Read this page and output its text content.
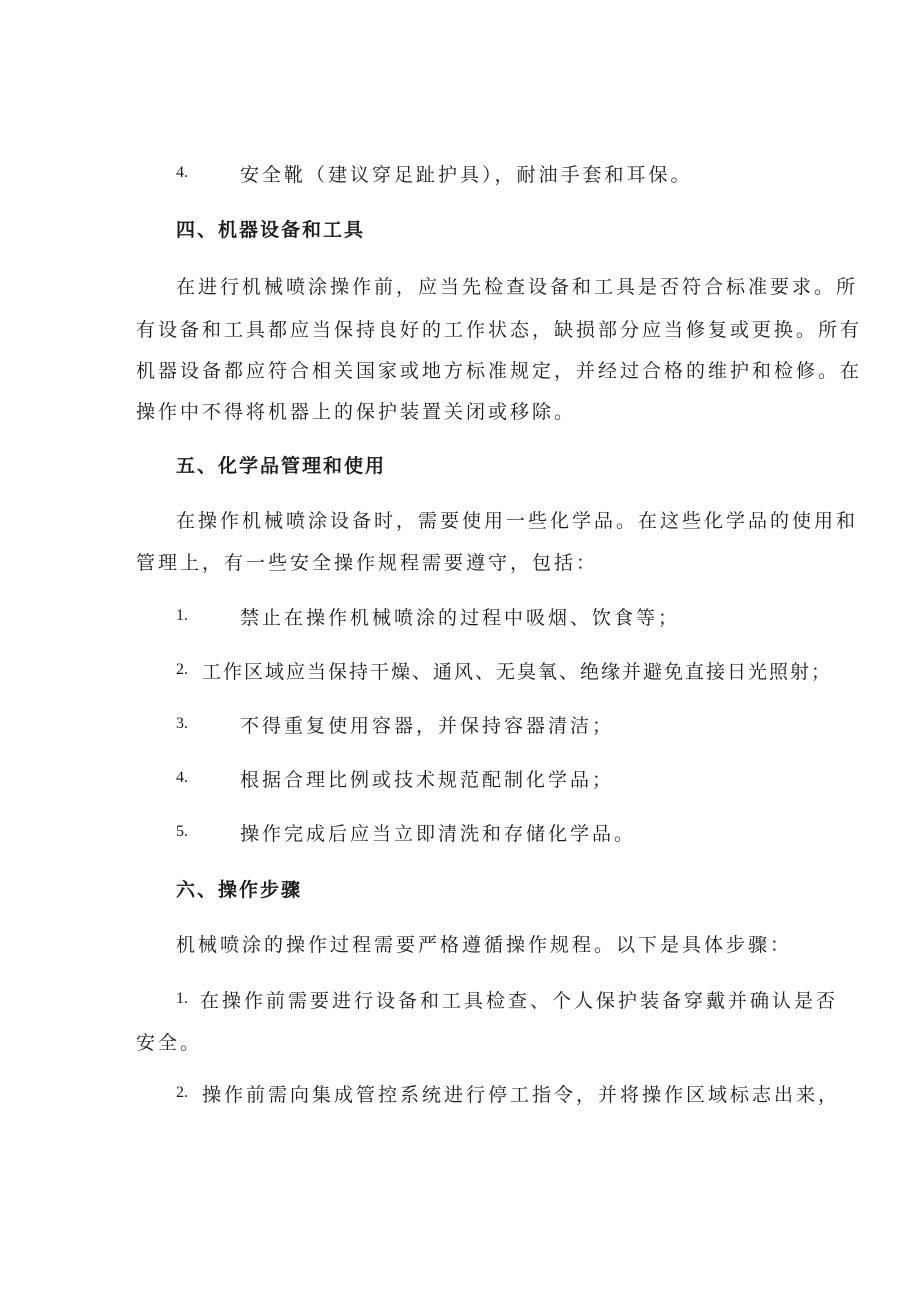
4.	安全靴（建议穿足趾护具），耐油手套和耳保。
四、机器设备和工具
在进行机械喷涂操作前，应当先检查设备和工具是否符合标准要求。所
有设备和工具都应当保持良好的工作状态，缺损部分应当修复或更换。所有
机器设备都应符合相关国家或地方标准规定，并经过合格的维护和检修。在
操作中不得将机器上的保护装置关闭或移除。
五、化学品管理和使用
在操作机械喷涂设备时，需要使用一些化学品。在这些化学品的使用和
管理上，有一些安全操作规程需要遵守，包括：
1.	禁止在操作机械喷涂的过程中吸烟、饮食等；
2. 工作区域应当保持干燥、通风、无臭氧、绝缘并避免直接日光照射；
3.	不得重复使用容器，并保持容器清洁；
4.	根据合理比例或技术规范配制化学品；
5.	操作完成后应当立即清洗和存储化学品。
六、操作步骤
机械喷涂的操作过程需要严格遵循操作规程。以下是具体步骤：
1. 在操作前需要进行设备和工具检查、个人保护装备穿戴并确认是否
安全。
2. 操作前需向集成管控系统进行停工指令，并将操作区域标志出来，
